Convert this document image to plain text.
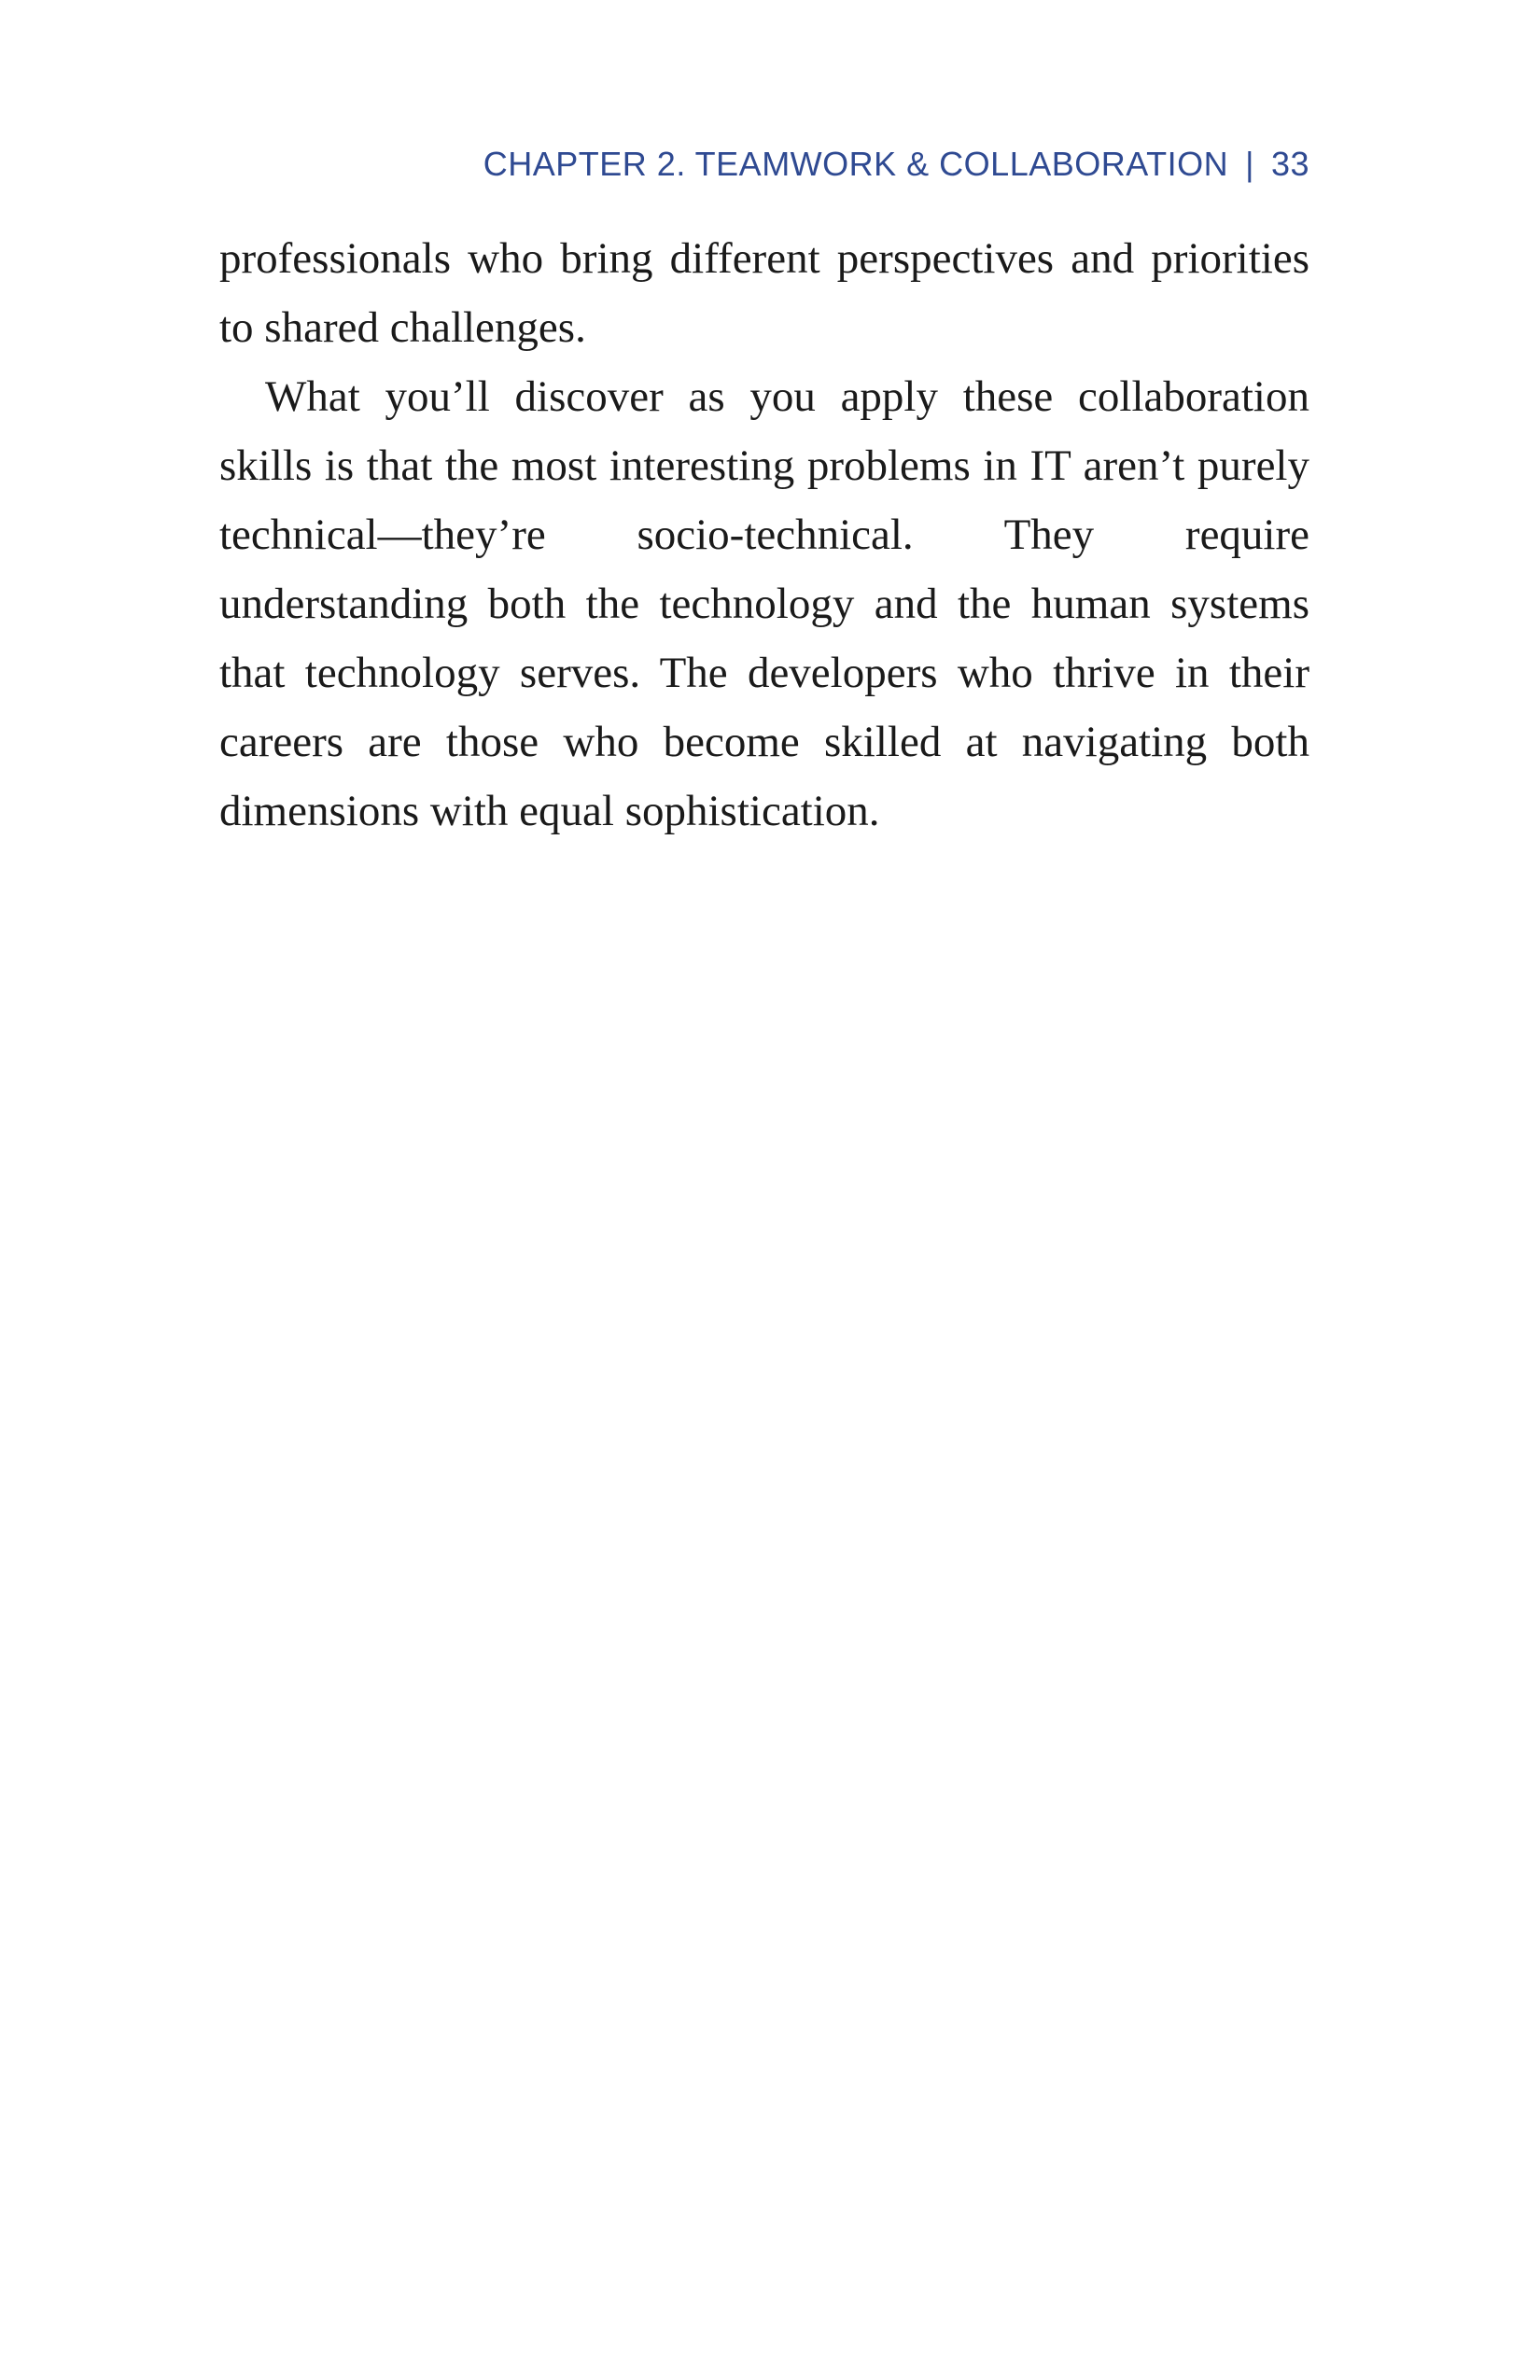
CHAPTER 2. TEAMWORK & COLLABORATION | 33

professionals who bring different perspectives and priorities to shared challenges.

What you’ll discover as you apply these collaboration skills is that the most interesting problems in IT aren’t purely technical—they’re socio-technical. They require understanding both the technology and the human systems that technology serves. The developers who thrive in their careers are those who become skilled at navigating both dimensions with equal sophistication.
